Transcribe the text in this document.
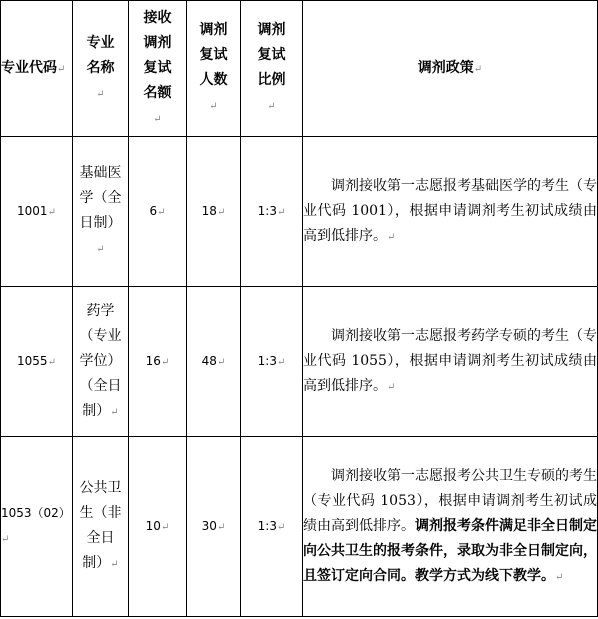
专业代码↵	专业名称↵	接收调剂复试名额↵	调剂复试人数↵	调剂复试比例↵	调剂政策↵
1001↵	基础医学（全日制）↵	6↵	18↵	1:3↵	调剂接收第一志愿报考基础医学的考生（专业代码 1001），根据申请调剂考生初试成绩由高到低排序。↵

1055↵	药学（专业学位）（全日制）↵	16↵	48↵	1:3↵	调剂接收第一志愿报考药学专硕的考生（专业代码 1055），根据申请调剂考生初试成绩由高到低排序。↵

1053（02）↵	公共卫生（非全日制）↵	10↵	30↵	1:3↵	调剂接收第一志愿报考公共卫生专硕的考生（专业代码 1053），根据申请调剂考生初试成绩由高到低排序。调剂报考条件满足非全日制定向公共卫生的报考条件，录取为非全日制定向，且签订定向合同。教学方式为线下教学。↵
